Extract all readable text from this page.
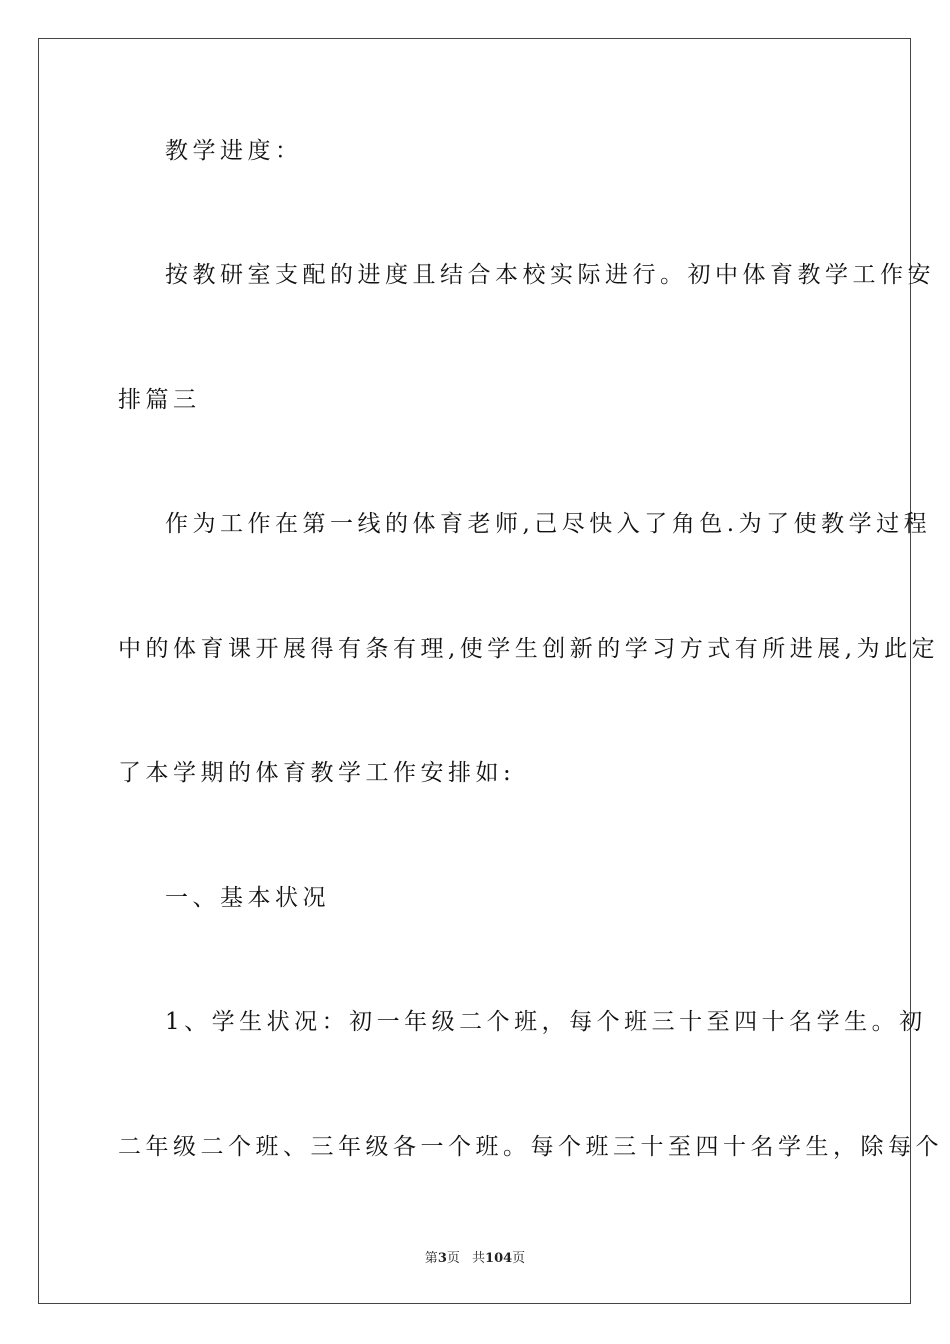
教学进度：
按教研室支配的进度且结合本校实际进行。初中体育教学工作安
排篇三
作为工作在第一线的体育老师,己尽快入了角色.为了使教学过程
中的体育课开展得有条有理,使学生创新的学习方式有所进展,为此定
了本学期的体育教学工作安排如:
一、基本状况
1、学生状况：初一年级二个班，每个班三十至四十名学生。初
二年级二个班、三年级各一个班。每个班三十至四十名学生，除每个
第3页 共104页
